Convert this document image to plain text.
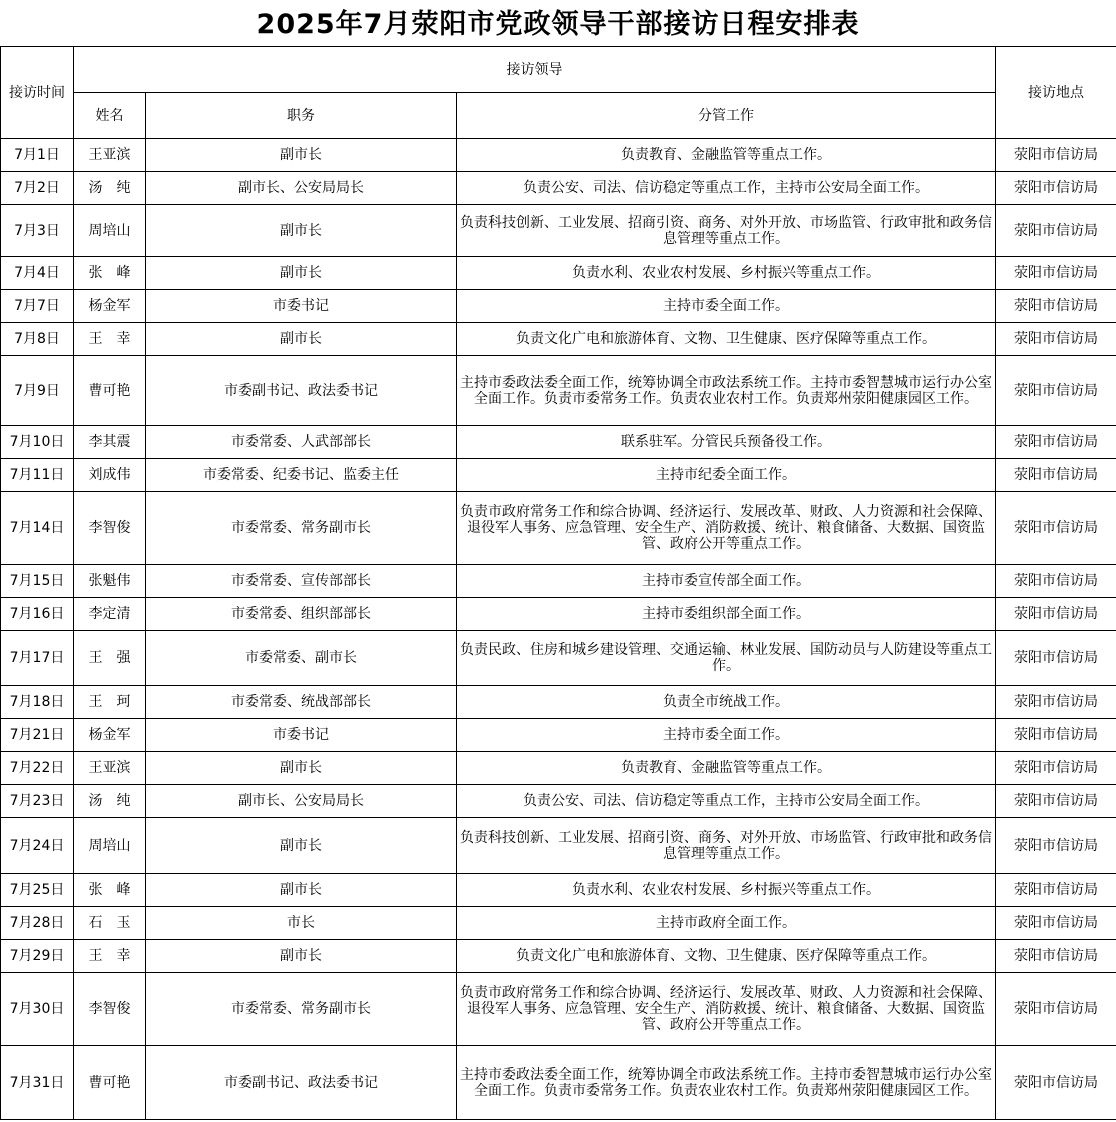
2025年7月荥阳市党政领导干部接访日程安排表
接访时间	接访领导			接访地点
	姓名	职务	分管工作	
7月1日	王亚滨	副市长	负责教育、金融监管等重点工作。	荥阳市信访局
7月2日	汤　纯	副市长、公安局局长	负责公安、司法、信访稳定等重点工作，主持市公安局全面工作。	荥阳市信访局
7月3日	周培山	副市长	负责科技创新、工业发展、招商引资、商务、对外开放、市场监管、行政审批和政务信息管理等重点工作。	荥阳市信访局
7月4日	张　峰	副市长	负责水利、农业农村发展、乡村振兴等重点工作。	荥阳市信访局
7月7日	杨金军	市委书记	主持市委全面工作。	荥阳市信访局
7月8日	王　幸	副市长	负责文化广电和旅游体育、文物、卫生健康、医疗保障等重点工作。	荥阳市信访局
7月9日	曹可艳	市委副书记、政法委书记	主持市委政法委全面工作，统筹协调全市政法系统工作。主持市委智慧城市运行办公室全面工作。负责市委常务工作。负责农业农村工作。负责郑州荥阳健康园区工作。	荥阳市信访局
7月10日	李其震	市委常委、人武部部长	联系驻军。分管民兵预备役工作。	荥阳市信访局
7月11日	刘成伟	市委常委、纪委书记、监委主任	主持市纪委全面工作。	荥阳市信访局
7月14日	李智俊	市委常委、常务副市长	负责市政府常务工作和综合协调、经济运行、发展改革、财政、人力资源和社会保障、退役军人事务、应急管理、安全生产、消防救援、统计、粮食储备、大数据、国资监管、政府公开等重点工作。	荥阳市信访局
7月15日	张魁伟	市委常委、宣传部部长	主持市委宣传部全面工作。	荥阳市信访局
7月16日	李定清	市委常委、组织部部长	主持市委组织部全面工作。	荥阳市信访局
7月17日	王　强	市委常委、副市长	负责民政、住房和城乡建设管理、交通运输、林业发展、国防动员与人防建设等重点工作。	荥阳市信访局
7月18日	王　珂	市委常委、统战部部长	负责全市统战工作。	荥阳市信访局
7月21日	杨金军	市委书记	主持市委全面工作。	荥阳市信访局
7月22日	王亚滨	副市长	负责教育、金融监管等重点工作。	荥阳市信访局
7月23日	汤　纯	副市长、公安局局长	负责公安、司法、信访稳定等重点工作，主持市公安局全面工作。	荥阳市信访局
7月24日	周培山	副市长	负责科技创新、工业发展、招商引资、商务、对外开放、市场监管、行政审批和政务信息管理等重点工作。	荥阳市信访局
7月25日	张　峰	副市长	负责水利、农业农村发展、乡村振兴等重点工作。	荥阳市信访局
7月28日	石　玉	市长	主持市政府全面工作。	荥阳市信访局
7月29日	王　幸	副市长	负责文化广电和旅游体育、文物、卫生健康、医疗保障等重点工作。	荥阳市信访局
7月30日	李智俊	市委常委、常务副市长	负责市政府常务工作和综合协调、经济运行、发展改革、财政、人力资源和社会保障、退役军人事务、应急管理、安全生产、消防救援、统计、粮食储备、大数据、国资监管、政府公开等重点工作。	荥阳市信访局
7月31日	曹可艳	市委副书记、政法委书记	主持市委政法委全面工作，统筹协调全市政法系统工作。主持市委智慧城市运行办公室全面工作。负责市委常务工作。负责农业农村工作。负责郑州荥阳健康园区工作。	荥阳市信访局
